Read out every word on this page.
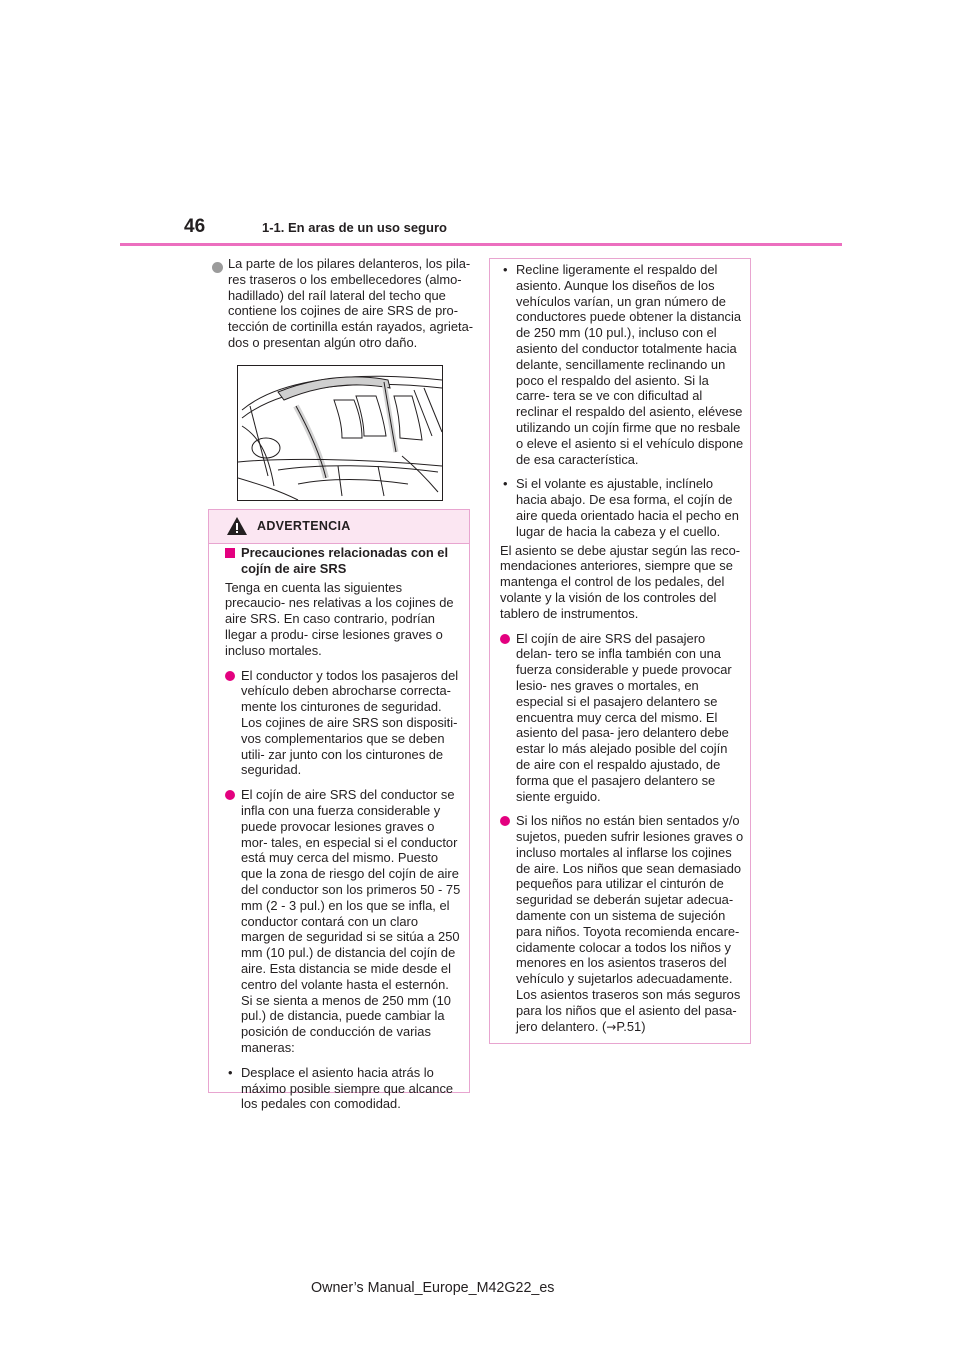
46	1-1. En aras de un uso seguro
La parte de los pilares delanteros, los pila- res traseros o los embellecedores (almo- hadillado) del raíl lateral del techo que contiene los cojines de aire SRS de pro- tección de cortinilla están rayados, agrieta- dos o presentan algún otro daño.
ADVERTENCIA

Precauciones relacionadas con el cojín de aire SRS

Tenga en cuenta las siguientes precaucio- nes relativas a los cojines de aire SRS. En caso contrario, podrían llegar a produ- cirse lesiones graves o incluso mortales.

El conductor y todos los pasajeros del vehículo deben abrocharse correcta- mente los cinturones de seguridad. Los cojines de aire SRS son dispositi- vos complementarios que se deben utili- zar junto con los cinturones de seguridad.

El cojín de aire SRS del conductor se infla con una fuerza considerable y puede provocar lesiones graves o mor- tales, en especial si el conductor está muy cerca del mismo. Puesto que la zona de riesgo del cojín de aire del conductor son los primeros 50 - 75 mm (2 - 3 pul.) en los que se infla, el conductor contará con un claro margen de seguridad si se sitúa a 250 mm (10 pul.) de distancia del cojín de aire. Esta distancia se mide desde el centro del volante hasta el esternón. Si se sienta a menos de 250 mm (10 pul.) de distancia, puede cambiar la posición de conducción de varias maneras:

• Desplace el asiento hacia atrás lo máximo posible siempre que alcance los pedales con comodidad.

• Recline ligeramente el respaldo del asiento. Aunque los diseños de los vehículos varían, un gran número de conductores puede obtener la distancia de 250 mm (10 pul.), incluso con el asiento del conductor totalmente hacia delante, sencillamente reclinando un poco el respaldo del asiento. Si la carre- tera se ve con dificultad al reclinar el respaldo del asiento, elévese utilizando un cojín firme que no resbale o eleve el asiento si el vehículo dispone de esa característica.

• Si el volante es ajustable, inclínelo hacia abajo. De esa forma, el cojín de aire queda orientado hacia el pecho en lugar de hacia la cabeza y el cuello.

El asiento se debe ajustar según las reco- mendaciones anteriores, siempre que se mantenga el control de los pedales, del volante y la visión de los controles del tablero de instrumentos.

El cojín de aire SRS del pasajero delan- tero se infla también con una fuerza considerable y puede provocar lesio- nes graves o mortales, en especial si el pasajero delantero se encuentra muy cerca del mismo. El asiento del pasa- jero delantero debe estar lo más alejado posible del cojín de aire con el respaldo ajustado, de forma que el pasajero delantero se siente erguido.

Si los niños no están bien sentados y/o sujetos, pueden sufrir lesiones graves o incluso mortales al inflarse los cojines de aire. Los niños que sean demasiado pequeños para utilizar el cinturón de seguridad se deberán sujetar adecua- damente con un sistema de sujeción para niños. Toyota recomienda encare- cidamente colocar a todos los niños y menores en los asientos traseros del vehículo y sujetarlos adecuadamente. Los asientos traseros son más seguros para los niños que el asiento del pasa- jero delantero. (→P.51)

Owner’s Manual_Europe_M42G22_es
